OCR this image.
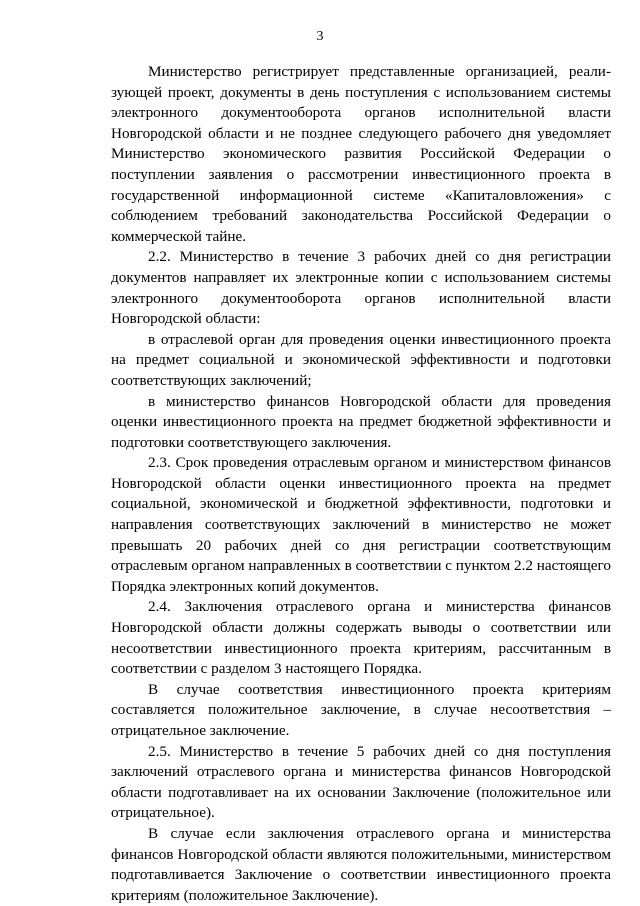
3

Министерство регистрирует представленные организацией, реализующей проект, документы в день поступления с использованием системы электронного документооборота органов исполнительной власти Новгородской области и не позднее следующего рабочего дня уведомляет Министерство экономического развития Российской Федерации о поступлении заявления о рассмотрении инвестиционного проекта в государственной информационной системе «Капиталовложения» с соблюдением требований законодательства Российской Федерации о коммерческой тайне.

2.2. Министерство в течение 3 рабочих дней со дня регистрации документов направляет их электронные копии с использованием системы электронного документооборота органов исполнительной власти Новгородской области:

в отраслевой орган для проведения оценки инвестиционного проекта на предмет социальной и экономической эффективности и подготовки соответствующих заключений;

в министерство финансов Новгородской области для проведения оценки инвестиционного проекта на предмет бюджетной эффективности и подготовки соответствующего заключения.

2.3. Срок проведения отраслевым органом и министерством финансов Новгородской области оценки инвестиционного проекта на предмет социальной, экономической и бюджетной эффективности, подготовки и направления соответствующих заключений в министерство не может превышать 20 рабочих дней со дня регистрации соответствующим отраслевым органом направленных в соответствии с пунктом 2.2 настоящего Порядка электронных копий документов.

2.4. Заключения отраслевого органа и министерства финансов Новгородской области должны содержать выводы о соответствии или несоответствии инвестиционного проекта критериям, рассчитанным в соответствии с разделом 3 настоящего Порядка.

В случае соответствия инвестиционного проекта критериям составляется положительное заключение, в случае несоответствия – отрицательное заключение.

2.5. Министерство в течение 5 рабочих дней со дня поступления заключений отраслевого органа и министерства финансов Новгородской области подготавливает на их основании Заключение (положительное или отрицательное).

В случае если заключения отраслевого органа и министерства финансов Новгородской области являются положительными, министерством подготавливается Заключение о соответствии инвестиционного проекта критериям (положительное Заключение).
